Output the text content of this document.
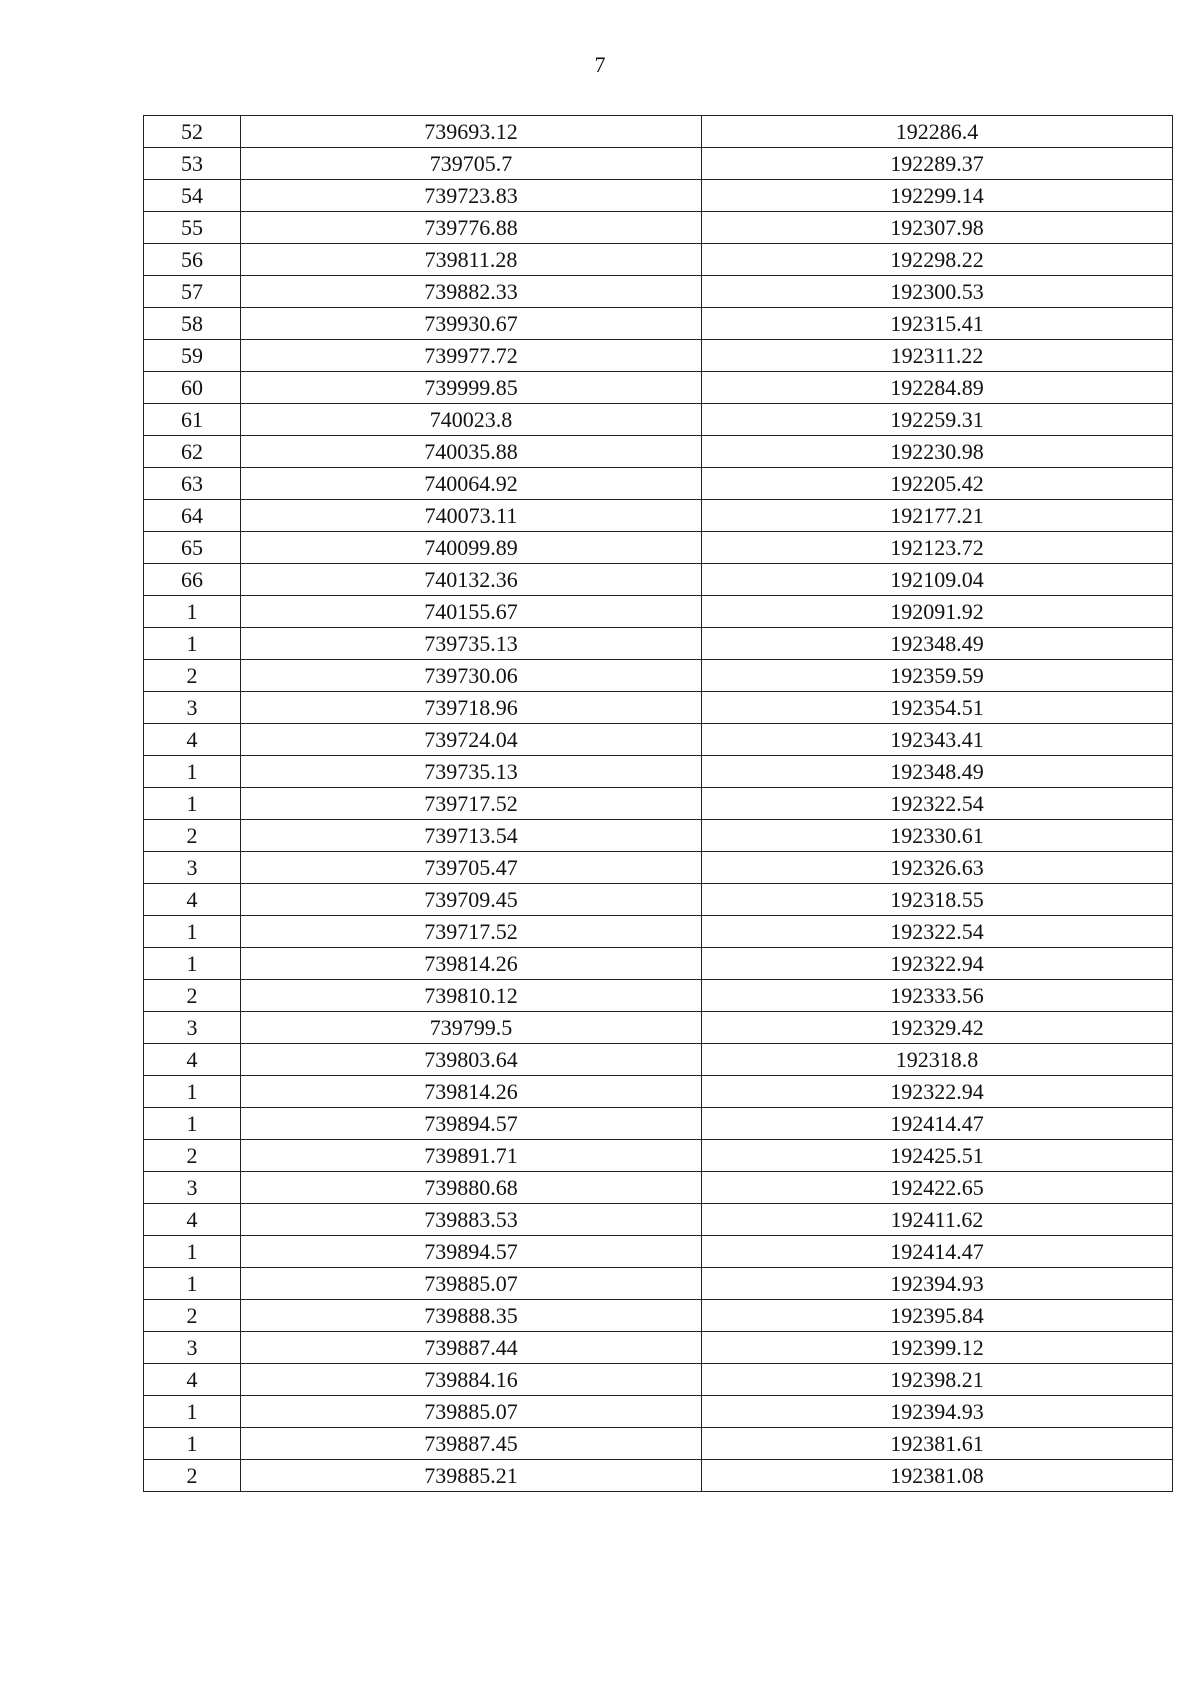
7
52	739693.12	192286.4
53	739705.7	192289.37
54	739723.83	192299.14
55	739776.88	192307.98
56	739811.28	192298.22
57	739882.33	192300.53
58	739930.67	192315.41
59	739977.72	192311.22
60	739999.85	192284.89
61	740023.8	192259.31
62	740035.88	192230.98
63	740064.92	192205.42
64	740073.11	192177.21
65	740099.89	192123.72
66	740132.36	192109.04
1	740155.67	192091.92
1	739735.13	192348.49
2	739730.06	192359.59
3	739718.96	192354.51
4	739724.04	192343.41
1	739735.13	192348.49
1	739717.52	192322.54
2	739713.54	192330.61
3	739705.47	192326.63
4	739709.45	192318.55
1	739717.52	192322.54
1	739814.26	192322.94
2	739810.12	192333.56
3	739799.5	192329.42
4	739803.64	192318.8
1	739814.26	192322.94
1	739894.57	192414.47
2	739891.71	192425.51
3	739880.68	192422.65
4	739883.53	192411.62
1	739894.57	192414.47
1	739885.07	192394.93
2	739888.35	192395.84
3	739887.44	192399.12
4	739884.16	192398.21
1	739885.07	192394.93
1	739887.45	192381.61
2	739885.21	192381.08
